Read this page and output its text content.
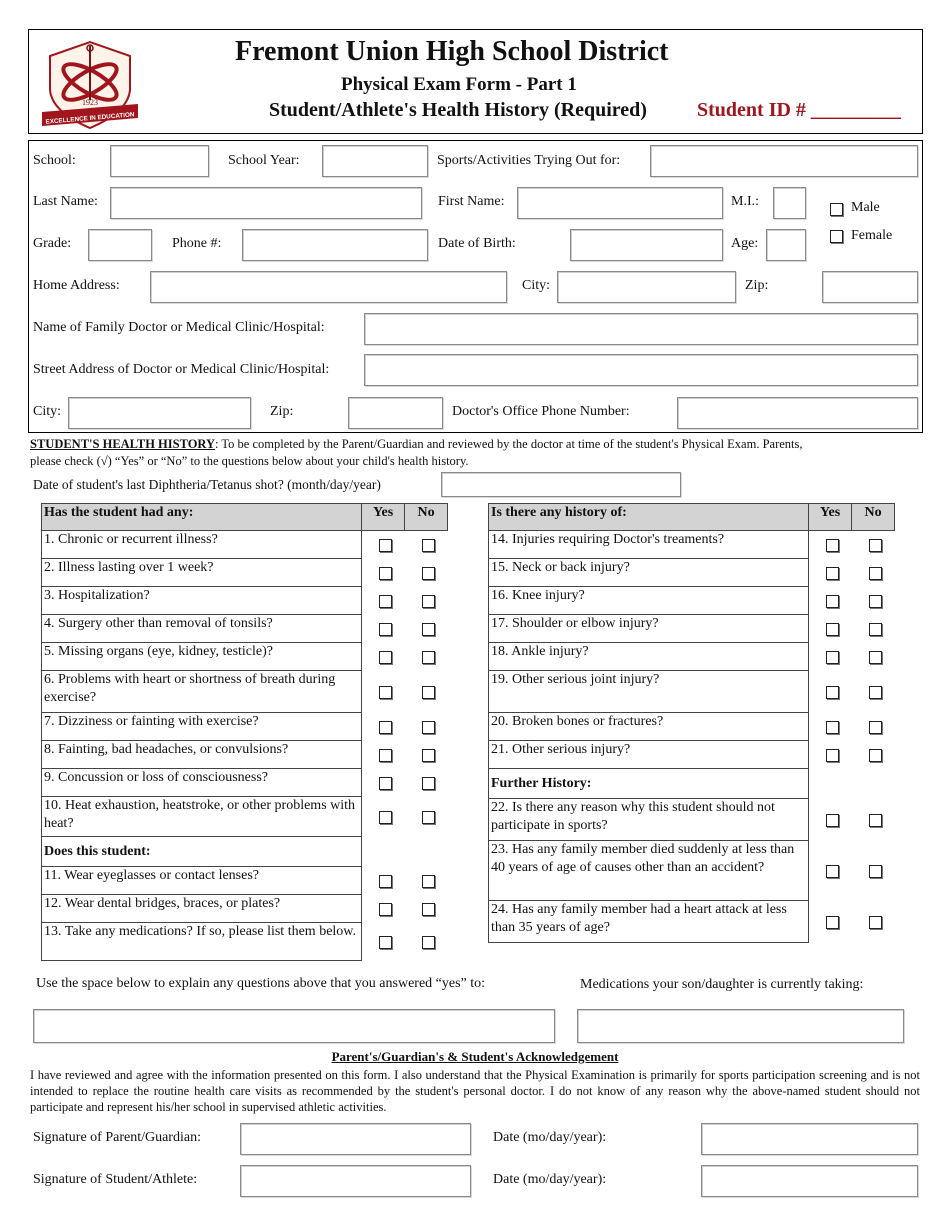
1923
EXCELLENCE IN EDUCATION
Fremont Union High School District
Physical Exam Form - Part 1
Student/Athlete's Health History (Required)	Student ID # _________
School:	School Year:	Sports/Activities Trying Out for:
Last Name:	First Name:	M.I.:	Male
Female
Grade:	Phone #:	Date of Birth:	Age:
Home Address:	City:	Zip:
Name of Family Doctor or Medical Clinic/Hospital:
Street Address of Doctor or Medical Clinic/Hospital:
City:	Zip:	Doctor's Office Phone Number:
STUDENT'S HEALTH HISTORY: To be completed by the Parent/Guardian and reviewed by the doctor at time of the student's Physical Exam. Parents,
please check (√) “Yes” or “No” to the questions below about your child's health history.
Date of student's last Diphtheria/Tetanus shot? (month/day/year)
Has the student had any:	Yes	No
1. Chronic or recurrent illness?	

2. Illness lasting over 1 week?	

3. Hospitalization?	

4. Surgery other than removal of tonsils?	

5. Missing organs (eye, kidney, testicle)?	

6. Problems with heart or shortness of breath during exercise?	

7. Dizziness or fainting with exercise?	

8. Fainting, bad headaches, or convulsions?	

9. Concussion or loss of consciousness?	

10. Heat exhaustion, heatstroke, or other problems with heat?	

Does this student:		
11. Wear eyeglasses or contact lenses?	

12. Wear dental bridges, braces, or plates?	

13. Take any medications? If so, please list them below.	

Is there any history of:	Yes	No
14. Injuries requiring Doctor's treaments?	

15. Neck or back injury?	

16. Knee injury?	

17. Shoulder or elbow injury?	

18. Ankle injury?	

19. Other serious joint injury?	

20. Broken bones or fractures?	

21. Other serious injury?	

Further History:		
22. Is there any reason why this student should not participate in sports?	

23. Has any family member died suddenly at less than 40 years of age of causes other than an accident?	

24. Has any family member had a heart attack at less than 35 years of age?	

Use the space below to explain any questions above that you answered “yes” to:	Medications your son/daughter is currently taking:
Parent's/Guardian's & Student's Acknowledgement
I have reviewed and agree with the information presented on this form. I also understand that the Physical Examination is primarily for sports participation screening and is not intended to replace the routine health care visits as recommended by the student's personal doctor. I do not know of any reason why the above-named student should not participate and represent his/her school in supervised athletic activities.
Signature of Parent/Guardian:	Date (mo/day/year):
Signature of Student/Athlete:	Date (mo/day/year):
